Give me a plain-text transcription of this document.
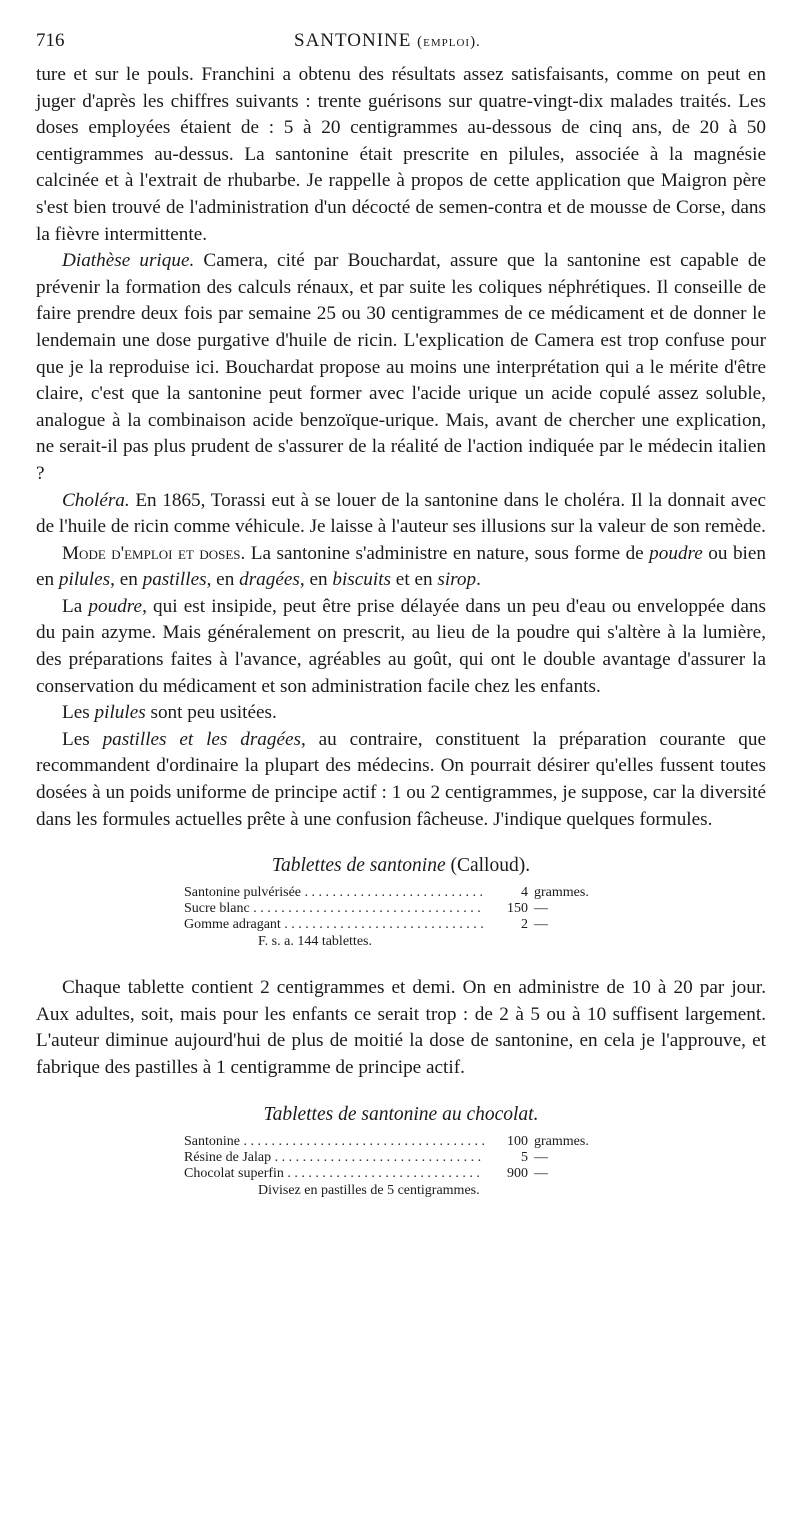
716	SANTONINE (emploi).

ture et sur le pouls. Franchini a obtenu des résultats assez satisfaisants, comme on peut en juger d'après les chiffres suivants : trente guérisons sur quatre-vingt-dix malades traités. Les doses employées étaient de : 5 à 20 centigrammes au-dessous de cinq ans, de 20 à 50 centigrammes au-dessus. La santonine était prescrite en pilules, associée à la magnésie calcinée et à l'extrait de rhubarbe. Je rappelle à propos de cette application que Maigron père s'est bien trouvé de l'administration d'un décocté de semen-contra et de mousse de Corse, dans la fièvre intermittente.

Diathèse urique. Camera, cité par Bouchardat, assure que la santonine est capable de prévenir la formation des calculs rénaux, et par suite les coliques néphrétiques. Il conseille de faire prendre deux fois par semaine 25 ou 30 centigrammes de ce médicament et de donner le lendemain une dose purgative d'huile de ricin. L'explication de Camera est trop confuse pour que je la reproduise ici. Bouchardat propose au moins une interprétation qui a le mérite d'être claire, c'est que la santonine peut former avec l'acide urique un acide copulé assez soluble, analogue à la combinaison acide benzoïque-urique. Mais, avant de chercher une explication, ne serait-il pas plus prudent de s'assurer de la réalité de l'action indiquée par le médecin italien ?

Choléra. En 1865, Torassi eut à se louer de la santonine dans le choléra. Il la donnait avec de l'huile de ricin comme véhicule. Je laisse à l'auteur ses illusions sur la valeur de son remède.

Mode d'emploi et doses. La santonine s'administre en nature, sous forme de poudre ou bien en pilules, en pastilles, en dragées, en biscuits et en sirop.

La poudre, qui est insipide, peut être prise délayée dans un peu d'eau ou enveloppée dans du pain azyme. Mais généralement on prescrit, au lieu de la poudre qui s'altère à la lumière, des préparations faites à l'avance, agréables au goût, qui ont le double avantage d'assurer la conservation du médicament et son administration facile chez les enfants.

Les pilules sont peu usitées.

Les pastilles et les dragées, au contraire, constituent la préparation courante que recommandent d'ordinaire la plupart des médecins. On pourrait désirer qu'elles fussent toutes dosées à un poids uniforme de principe actif : 1 ou 2 centigrammes, je suppose, car la diversité dans les formules actuelles prête à une confusion fâcheuse. J'indique quelques formules.

Tablettes de santonine (Calloud).
Santonine pulvérisée . . .	4 grammes.
Sucre blanc . . .	150 —
Gomme adragant . . .	2 —
F. s. a. 144 tablettes.

Chaque tablette contient 2 centigrammes et demi. On en administre de 10 à 20 par jour. Aux adultes, soit, mais pour les enfants ce serait trop : de 2 à 5 ou à 10 suffisent largement. L'auteur diminue aujourd'hui de plus de moitié la dose de santonine, en cela je l'approuve, et fabrique des pastilles à 1 centigramme de principe actif.

Tablettes de santonine au chocolat.
Santonine . . .	100 grammes.
Résine de Jalap . . .	5 —
Chocolat superfin . . .	900 —
Divisez en pastilles de 5 centigrammes.
